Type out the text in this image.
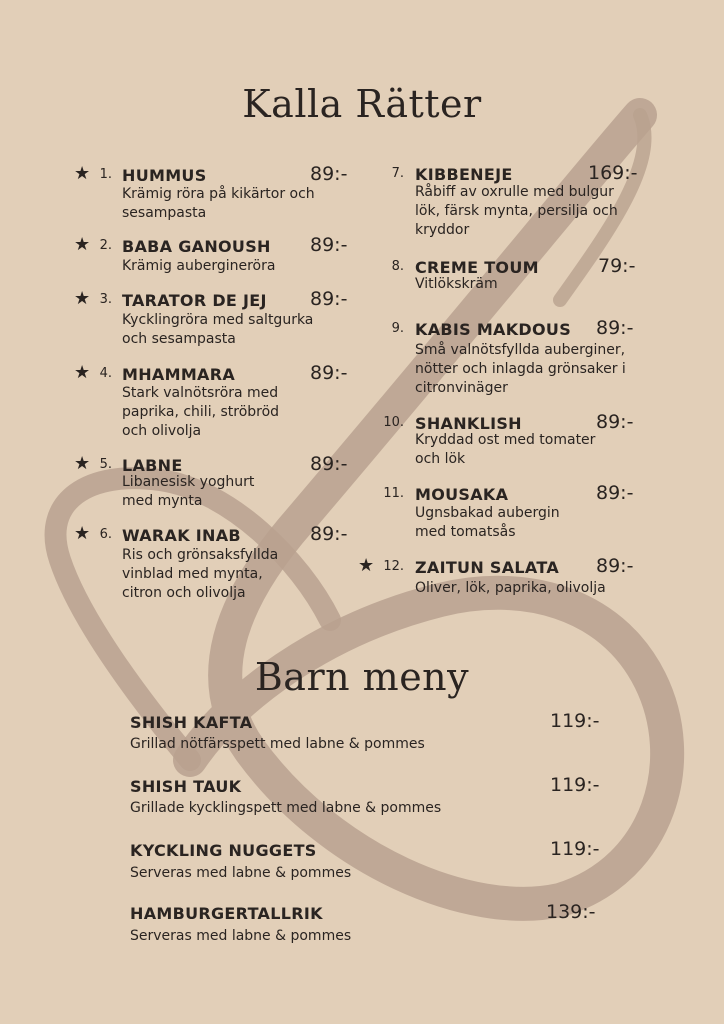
Kalla Rätter
★ 1. HUMMUS	89:-
Krämig röra på kikärtor och sesampasta
★ 2. BABA GANOUSH 89:-
Krämig aubergineröra
★ 3. TARATOR DE JEJ 89:-
Kycklingröra med saltgurka och sesampasta
★ 4. MHAMMARA	89:-
Stark valnötsröra med paprika, chili, ströbröd och olivolja
★ 5. LABNE	89:-
Libanesisk yoghurt med mynta
★ 6. WARAK INAB	89:-
Ris och grönsaksfyllda vinblad med mynta, citron och olivolja
7. KIBBENEJE	169:-
Råbiff av oxrulle med bulgur lök, färsk mynta, persilja och kryddor
8. CREME TOUM	79:-
Vitlökskräm
9. KABIS MAKDOUS 89:-
Små valnötsfyllda auberginer, nötter och inlagda grönsaker i citronvinäger
10. SHANKLISH	89:-
Kryddad ost med tomater och lök
11. MOUSAKA	89:-
Ugnsbakad aubergin med tomatsås
★ 12. ZAITUN SALATA 89:-
Oliver, lök, paprika, olivolja
Barn meny
SHISH KAFTA	119:-
Grillad nötfärsspett med labne & pommes
SHISH TAUK	119:-
Grillade kycklingspett med labne & pommes
KYCKLING NUGGETS	119:-
Serveras med labne & pommes
HAMBURGERTALLRIK	139:-
Serveras med labne & pommes
